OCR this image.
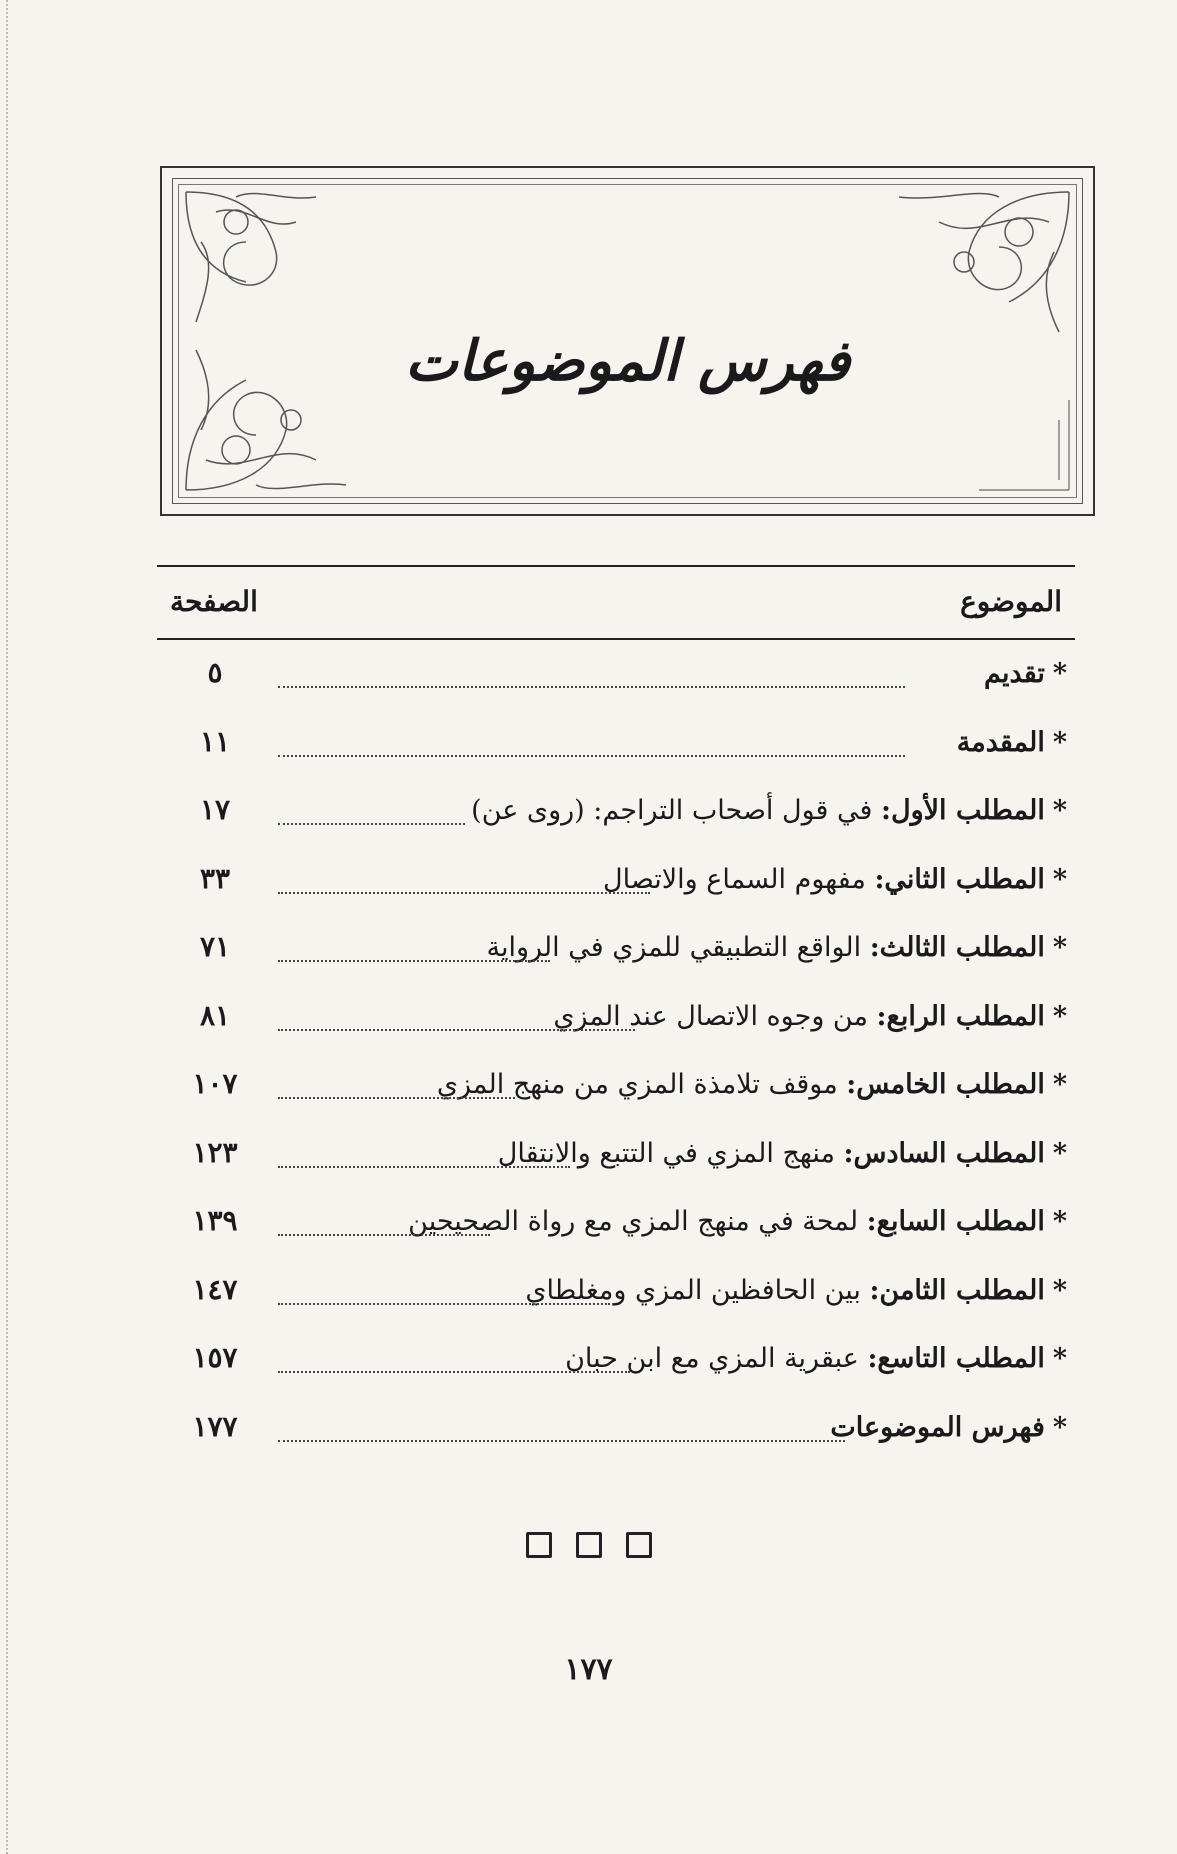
فهرس الموضوعات
الموضوع
الصفحة
*
تقديم
٥
*
المقدمة
١١
*
المطلب الأول:
في قول أصحاب التراجم: (روى عن)
١٧
*
المطلب الثاني:
مفهوم السماع والاتصال
٣٣
*
المطلب الثالث:
الواقع التطبيقي للمزي في الرواية
٧١
*
المطلب الرابع:
من وجوه الاتصال عند المزي
٨١
*
المطلب الخامس:
موقف تلامذة المزي من منهج المزي
١٠٧
*
المطلب السادس:
منهج المزي في التتبع والانتقال
١٢٣
*
المطلب السابع:
لمحة في منهج المزي مع رواة الصحيحين
١٣٩
*
المطلب الثامن:
بين الحافظين المزي ومغلطاي
١٤٧
*
المطلب التاسع:
عبقرية المزي مع ابن حبان
١٥٧
*
فهرس الموضوعات
١٧٧
١٧٧
